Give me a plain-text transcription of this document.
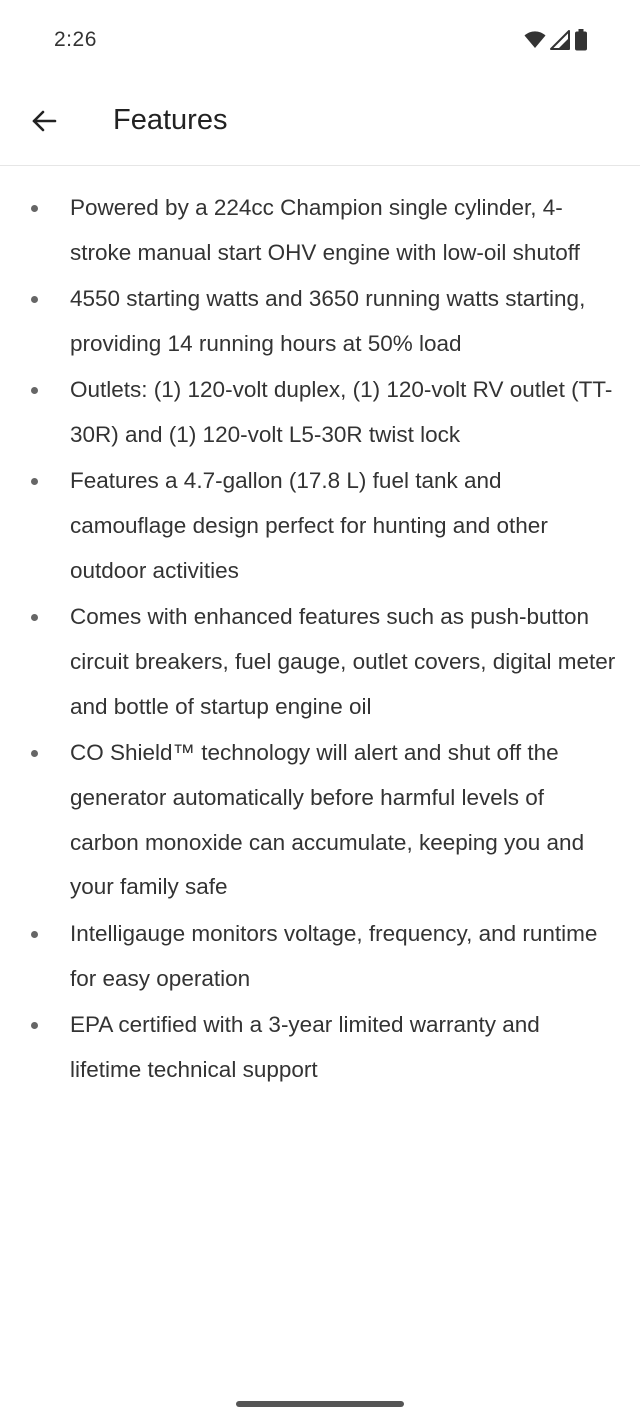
2:26
Features
Powered by a 224cc Champion single cylinder, 4-stroke manual start OHV engine with low-oil shutoff
4550 starting watts and 3650 running watts starting, providing 14 running hours at 50% load
Outlets: (1) 120-volt duplex, (1) 120-volt RV outlet (TT-30R) and (1) 120-volt L5-30R twist lock
Features a 4.7-gallon (17.8 L) fuel tank and camouflage design perfect for hunting and other outdoor activities
Comes with enhanced features such as push-button circuit breakers, fuel gauge, outlet covers, digital meter and bottle of startup engine oil
CO Shield™ technology will alert and shut off the generator automatically before harmful levels of carbon monoxide can accumulate, keeping you and your family safe
Intelligauge monitors voltage, frequency, and runtime for easy operation
EPA certified with a 3-year limited warranty and lifetime technical support
